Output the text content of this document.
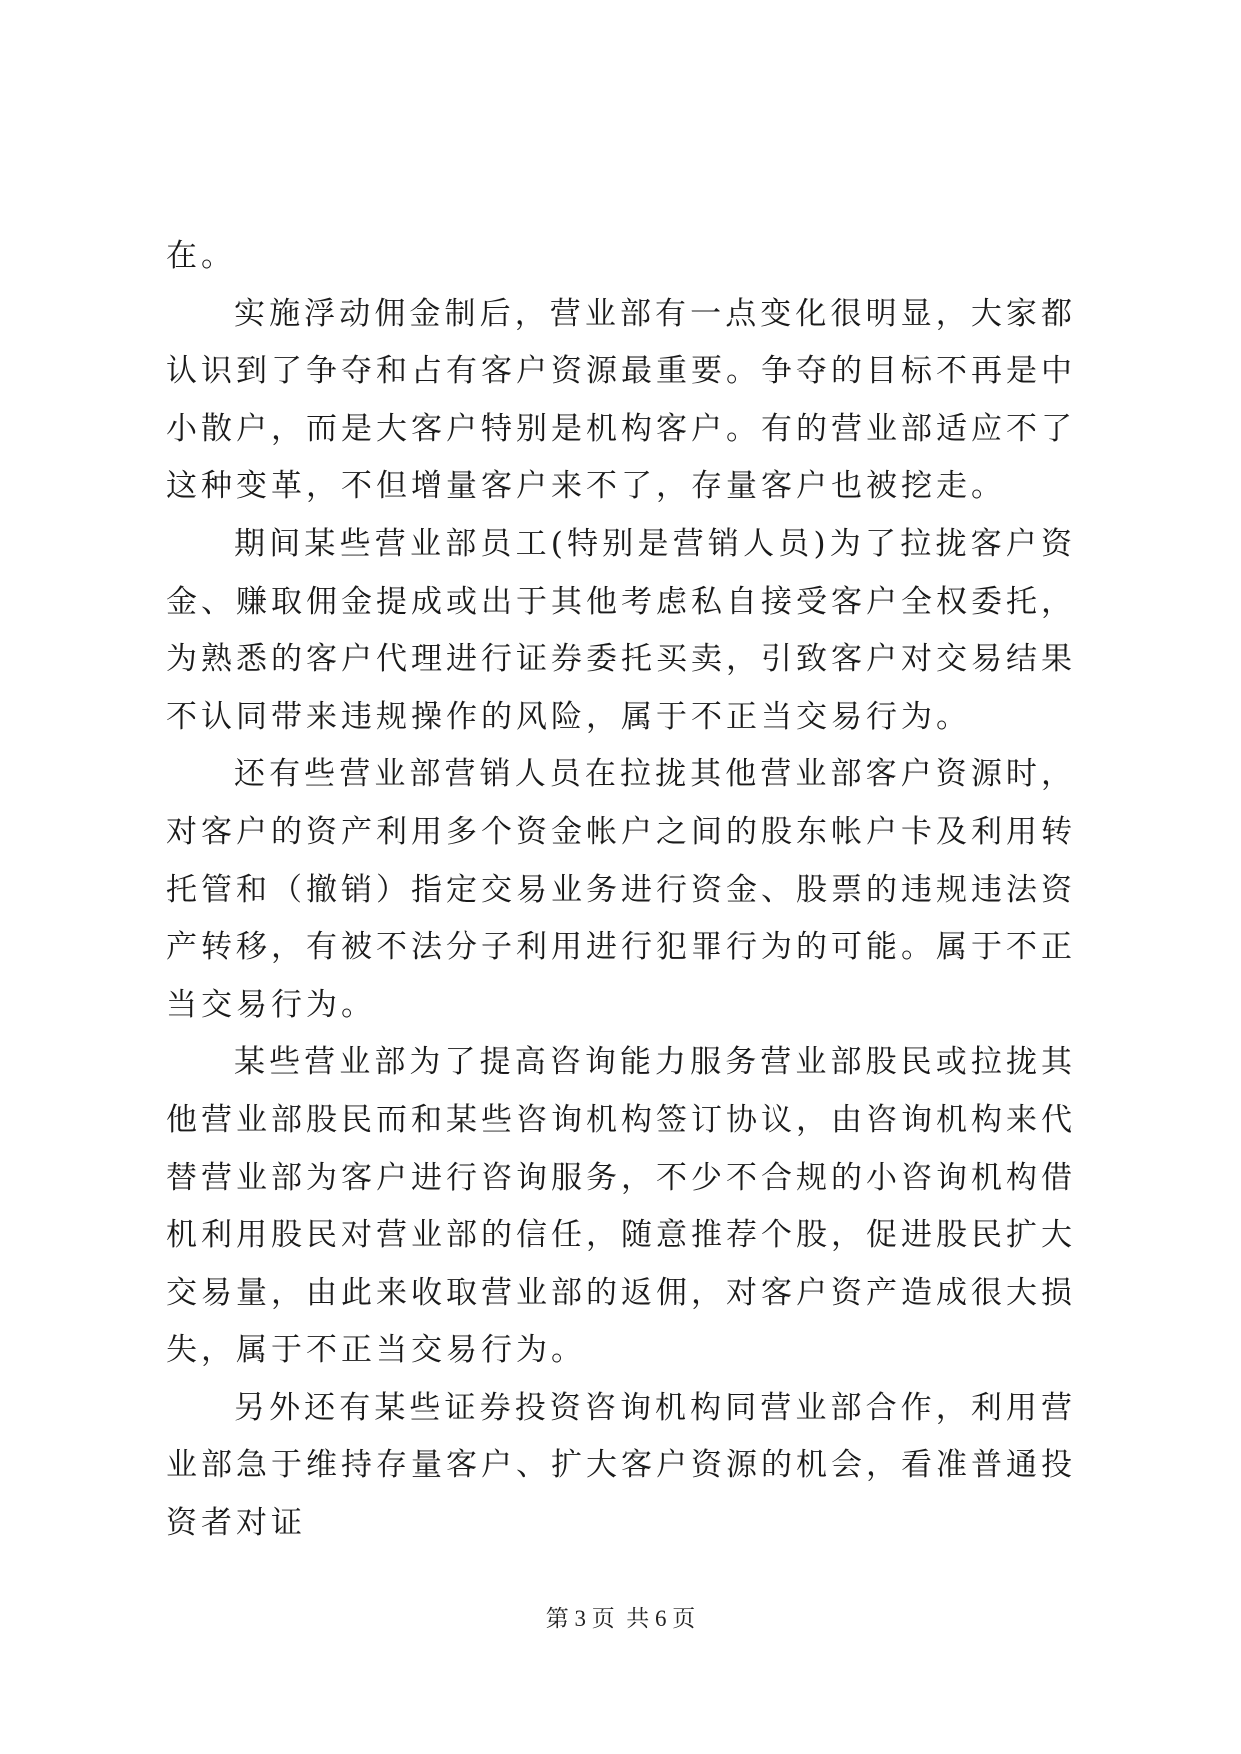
在。

实施浮动佣金制后，营业部有一点变化很明显，大家都认识到了争夺和占有客户资源最重要。争夺的目标不再是中小散户，而是大客户特别是机构客户。有的营业部适应不了这种变革，不但增量客户来不了，存量客户也被挖走。

期间某些营业部员工(特别是营销人员)为了拉拢客户资金、赚取佣金提成或出于其他考虑私自接受客户全权委托，为熟悉的客户代理进行证券委托买卖，引致客户对交易结果不认同带来违规操作的风险，属于不正当交易行为。

还有些营业部营销人员在拉拢其他营业部客户资源时，对客户的资产利用多个资金帐户之间的股东帐户卡及利用转托管和（撤销）指定交易业务进行资金、股票的违规违法资产转移，有被不法分子利用进行犯罪行为的可能。属于不正当交易行为。

某些营业部为了提高咨询能力服务营业部股民或拉拢其他营业部股民而和某些咨询机构签订协议，由咨询机构来代替营业部为客户进行咨询服务，不少不合规的小咨询机构借机利用股民对营业部的信任，随意推荐个股，促进股民扩大交易量，由此来收取营业部的返佣，对客户资产造成很大损失，属于不正当交易行为。

另外还有某些证券投资咨询机构同营业部合作，利用营业部急于维持存量客户、扩大客户资源的机会，看准普通投资者对证

第 3 页 共 6 页
